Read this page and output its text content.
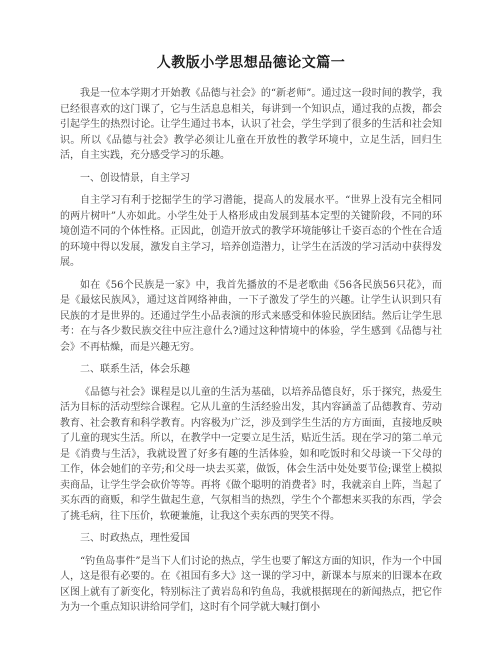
人教版小学思想品德论文篇一
我是一位本学期才开始教《品德与社会》的“新老师”。通过这一段时间的教学，我已经很喜欢的这门课了，它与生活息息相关，每讲到一个知识点，通过我的点拨，都会引起学生的热烈讨论。让学生通过书本，认识了社会，学生学到了很多的生活和社会知识。所以《品德与社会》教学必须让儿童在开放性的教学环境中，立足生活，回归生活，自主实践，充分感受学习的乐趣。
一、创设情景，自主学习
自主学习有利于挖掘学生的学习潜能，提高人的发展水平。“世界上没有完全相同的两片树叶”人亦如此。小学生处于人格形成由发展到基本定型的关键阶段，不同的环境创造不同的个体性格。正因此，创造开放式的教学环境能够让千姿百态的个性在合适的环境中得以发展，激发自主学习，培养创造潜力，让学生在活泼的学习活动中获得发展。
如在《56个民族是一家》中，我首先播放的不是老歌曲《56各民族56只花》，而是《最炫民族风》，通过这首网络神曲，一下子激发了学生的兴趣。让学生认识到只有民族的才是世界的。还通过学生小品表演的形式来感受和体验民族团结。然后让学生思考：在与各少数民族交往中应注意什么?通过这种情境中的体验，学生感到《品德与社会》不再枯燥，而是兴趣无穷。
二、联系生活，体会乐趣
《品德与社会》课程是以儿童的生活为基础，以培养品德良好，乐于探究，热爱生活为目标的活动型综合课程。它从儿童的生活经验出发，其内容涵盖了品德教育、劳动教育、社会教育和科学教育。内容极为广泛，涉及到学生生活的方方面面，直接地反映了儿童的现实生活。所以，在教学中一定要立足生活，贴近生活。现在学习的第二单元是《消费与生活》，我就设置了好多有趣的生活体验，如和吃饭时和父母谈一下父母的工作，体会她们的辛劳;和父母一块去买菜，做饭，体会生活中处处要节俭;课堂上模拟卖商品，让学生学会砍价等等。再将《做个聪明的消费者》时，我就亲自上阵，当起了买东西的商贩，和学生做起生意，气氛相当的热烈，学生个个都想来买我的东西，学会了挑毛病，往下压价，软硬兼施，让我这个卖东西的哭笑不得。
三、时政热点，理性爱国
“钓鱼岛事件”是当下人们讨论的热点，学生也要了解这方面的知识，作为一个中国人，这是很有必要的。在《祖国有多大》这一课的学习中，新课本与原来的旧课本在政区图上就有了新变化，特别标注了黄岩岛和钓鱼岛，我就根据现在的新闻热点，把它作为为一个重点知识讲给同学们，这时有个同学就大喊打倒小
